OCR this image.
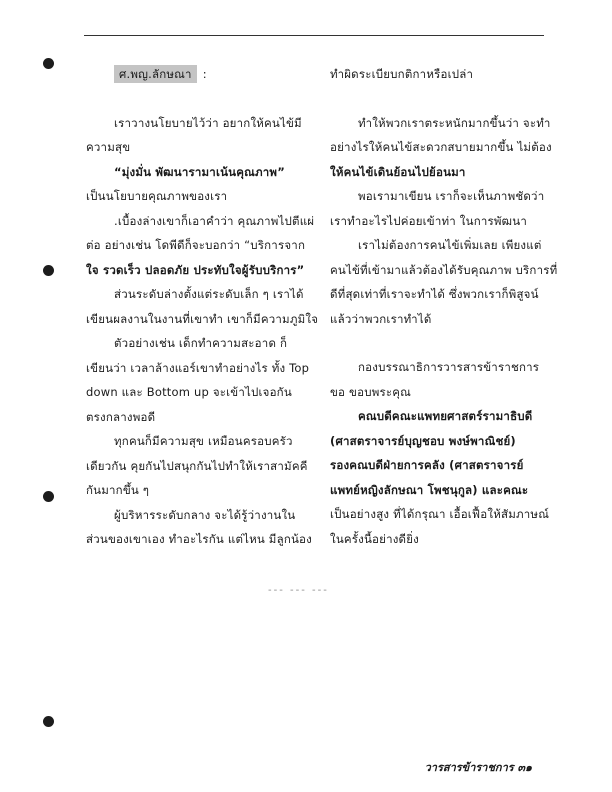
ศ.พญ.ลักษณา :

เราวางนโยบายไว้ว่า อยากให้คนไข้มี

ความสุข

“มุ่งมั่น พัฒนารามาเน้นคุณภาพ”

เป็นนโยบายคุณภาพของเรา

.เบื้องล่างเขาก็เอาคำว่า คุณภาพไปตีแผ่

ต่อ อย่างเช่น โดพีดีก็จะบอกว่า “บริการจาก

ใจ รวดเร็ว ปลอดภัย ประทับใจผู้รับบริการ”

ส่วนระดับล่างตั้งแต่ระดับเล็ก ๆ เราได้

เขียนผลงานในงานที่เขาทำ เขาก็มีความภูมิใจ

ตัวอย่างเช่น เด็กทำความสะอาด ก็

เขียนว่า เวลาล้างแอร์เขาทำอย่างไร ทั้ง Top

down และ Bottom up จะเข้าไปเจอกัน

ตรงกลางพอดี

ทุกคนก็มีความสุข เหมือนครอบครัว

เดียวกัน คุยกันไปสนุกกันไปทำให้เราสามัคคี

กันมากขึ้น ๆ

ผู้บริหารระดับกลาง จะได้รู้ว่างานใน

ส่วนของเขาเอง ทำอะไรกัน แต่ไหน มีลูกน้อง

ทำผิดระเบียบกติกาหรือเปล่า

ทำให้พวกเราตระหนักมากขึ้นว่า จะทำ

อย่างไรให้คนไข้สะดวกสบายมากขึ้น ไม่ต้อง

ให้คนไข้เดินย้อนไปย้อนมา

พอเรามาเขียน เราก็จะเห็นภาพชัดว่า

เราทำอะไรไปค่อยเข้าท่า ในการพัฒนา

เราไม่ต้องการคนไข้เพิ่มเลย เพียงแต่

คนไข้ที่เข้ามาแล้วต้องได้รับคุณภาพ บริการที่

ดีที่สุดเท่าที่เราจะทำได้ ซึ่งพวกเราก็พิสูจน์

แล้วว่าพวกเราทำได้

กองบรรณาธิการวารสารข้าราชการ

ขอ ขอบพระคุณ

คณบดีคณะแพทยศาสตร์รามาธิบดี

(ศาสตราจารย์บุญชอบ พงษ์พาณิชย์)

รองคณบดีฝ่ายการคลัง (ศาสตราจารย์

แพทย์หญิงลักษณา โพชนุกูล) และคณะ

เป็นอย่างสูง ที่ได้กรุณา เอื้อเฟื้อให้สัมภาษณ์

ในครั้งนี้อย่างดียิ่ง

--- --- ---
วารสารข้าราชการ ๓๑
